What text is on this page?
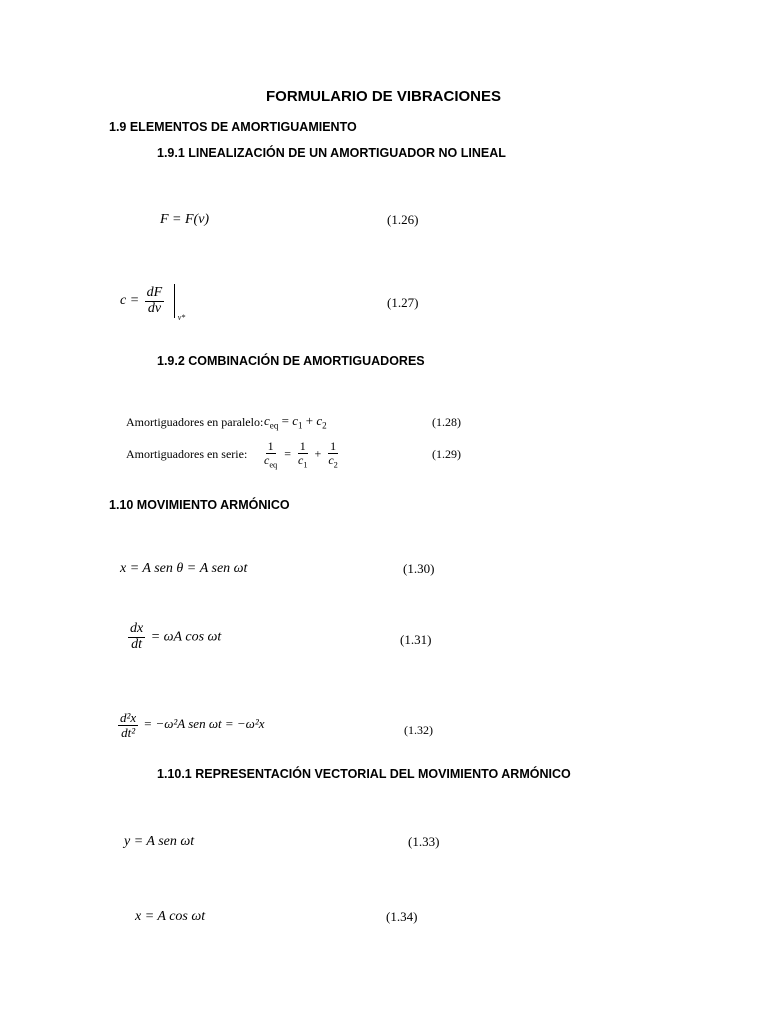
FORMULARIO DE VIBRACIONES
1.9 ELEMENTOS DE AMORTIGUAMIENTO
1.9.1 LINEALIZACIÓN DE UN AMORTIGUADOR NO LINEAL
F = F(v)	(1.26)
$c = \frac{dF}{dv}$

v*
(1.27)
1.9.2 COMBINACIÓN DE AMORTIGUADORES
Amortiguadores en paralelo: $c_{eq} = c_1 + c_2$	(1.28)
Amortiguadores en serie: $\frac{1}{c_{eq}} = \frac{1}{c_1} + \frac{1}{c_2}$	(1.29)
1.10 MOVIMIENTO ARMÓNICO
x = A sen θ = A sen ωt	(1.30)
$\frac{dx}{dt} = \omega A$ cos ωt	(1.31)
$\frac{\text{d²x}}{\text{dt²}} = -\omega^2A$ sen ωt = −ω²x	(1.32)
1.10.1 REPRESENTACIÓN VECTORIAL DEL MOVIMIENTO ARMÓNICO
y = A sen ωt	(1.33)
x = A cos ωt	(1.34)
